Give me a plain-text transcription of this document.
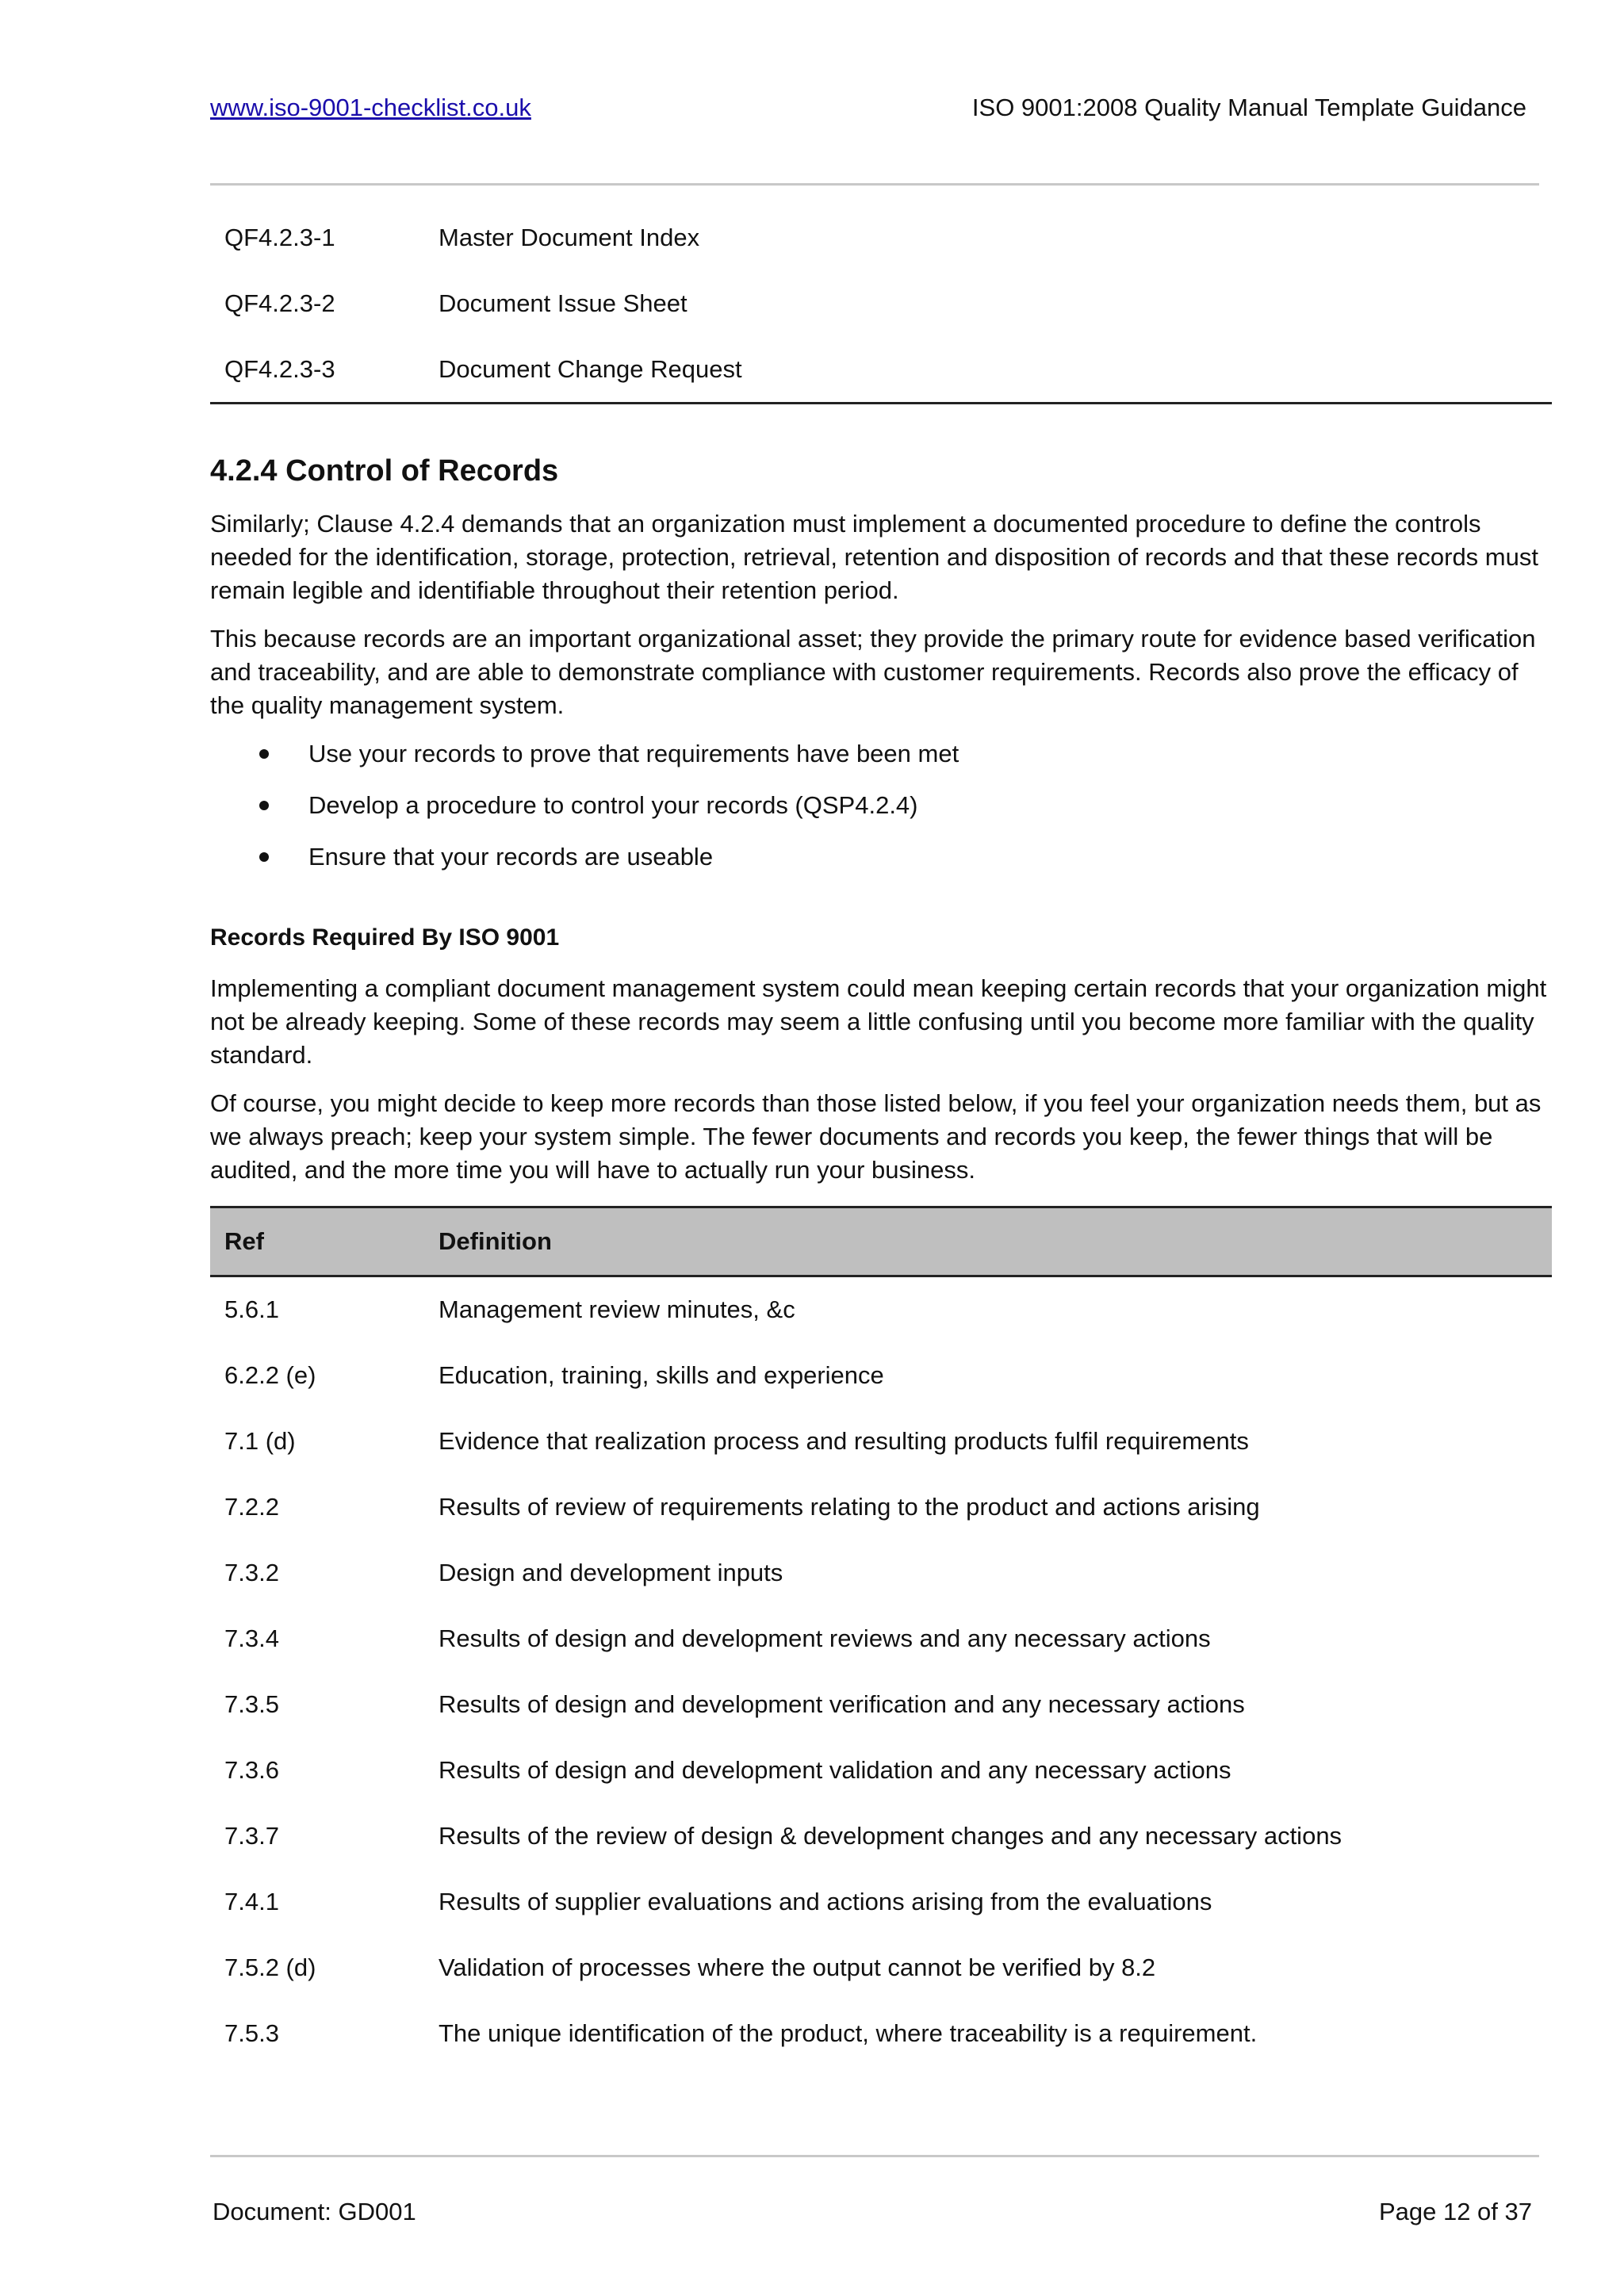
www.iso-9001-checklist.co.uk	ISO 9001:2008 Quality Manual Template Guidance
QF4.2.3-1	Master Document Index
QF4.2.3-2	Document Issue Sheet
QF4.2.3-3	Document Change Request
4.2.4 Control of Records

Similarly; Clause 4.2.4 demands that an organization must implement a documented procedure to define the controls needed for the identification, storage, protection, retrieval, retention and disposition of records and that these records must remain legible and identifiable throughout their retention period.

This because records are an important organizational asset; they provide the primary route for evidence based verification and traceability, and are able to demonstrate compliance with customer requirements. Records also prove the efficacy of the quality management system.

Use your records to prove that requirements have been met
Develop a procedure to control your records (QSP4.2.4)
Ensure that your records are useable
Records Required By ISO 9001

Implementing a compliant document management system could mean keeping certain records that your organization might not be already keeping. Some of these records may seem a little confusing until you become more familiar with the quality standard.

Of course, you might decide to keep more records than those listed below, if you feel your organization needs them, but as we always preach; keep your system simple. The fewer documents and records you keep, the fewer things that will be audited, and the more time you will have to actually run your business.

Ref	Definition
5.6.1	Management review minutes, &c
6.2.2 (e)	Education, training, skills and experience
7.1 (d)	Evidence that realization process and resulting products fulfil requirements
7.2.2	Results of review of requirements relating to the product and actions arising
7.3.2	Design and development inputs
7.3.4	Results of design and development reviews and any necessary actions
7.3.5	Results of design and development verification and any necessary actions
7.3.6	Results of design and development validation and any necessary actions
7.3.7	Results of the review of design & development changes and any necessary actions
7.4.1	Results of supplier evaluations and actions arising from the evaluations
7.5.2 (d)	Validation of processes where the output cannot be verified by 8.2
7.5.3	The unique identification of the product, where traceability is a requirement.
Document: GD001	Page 12 of 37
